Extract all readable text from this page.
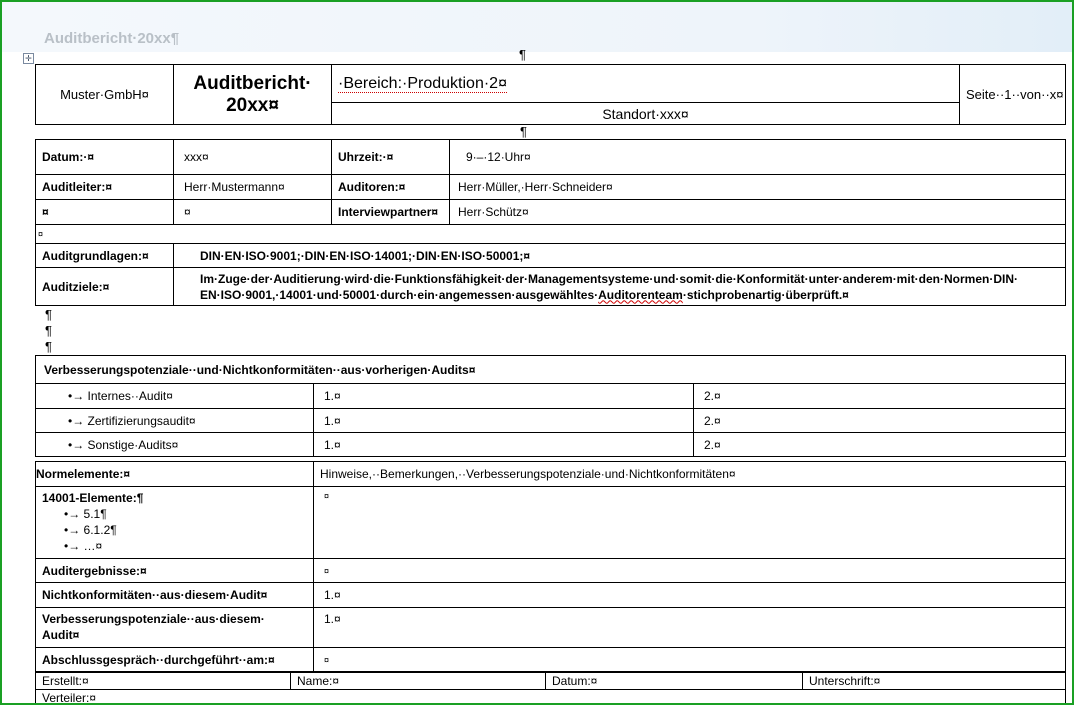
Auditbericht·20xx¶
✛	¶
Muster·GmbH¤	Auditbericht·
20xx¤	·Bereich:·Produktion·2¤	Seite··1··von··x¤
Standort·xxx¤
¶
Datum:·¤	xxx¤	Uhrzeit:·¤	9·–·12·Uhr¤
Auditleiter:¤	Herr·Mustermann¤	Auditoren:¤	Herr·Müller,·Herr·Schneider¤
¤	¤	Interviewpartner¤	Herr·Schütz¤
¤			
Auditgrundlagen:¤	DIN·EN·ISO·9001;·DIN·EN·ISO·14001;·DIN·EN·ISO·50001;¤		
Auditziele:¤	Im·Zuge·der·Auditierung·wird·die·Funktionsfähigkeit·der·Managementsysteme·und·somit·die·Konformität·unter·anderem·mit·den·Normen·DIN·
EN·ISO·9001,·14001·und·50001·durch·ein·angemessen·ausgewähltes·Auditorenteam·stichprobenartig·überprüft.¤		
¶
¶
¶
Verbesserungspotenziale··und·Nichtkonformitäten··aus·vorherigen·Audits¤		
•→ Internes··Audit¤	1.¤	2.¤
•→ Zertifizierungsaudit¤	1.¤	2.¤
•→ Sonstige·Audits¤	1.¤	2.¤
Normelemente:¤	Hinweise,··Bemerkungen,··Verbesserungspotenziale·und·Nichtkonformitäten¤
14001-Elemente:¶
•→ 5.1¶
•→ 6.1.2¶
•→ …¤	¤
Auditergebnisse:¤	¤
Nichtkonformitäten··aus·diesem·Audit¤	1.¤
Verbesserungspotenziale··aus·diesem·
Audit¤	1.¤
Abschlussgespräch··durchgeführt··am:¤	¤
Erstellt:¤	Name:¤	Datum:¤	Unterschrift:¤
Verteiler:¤
